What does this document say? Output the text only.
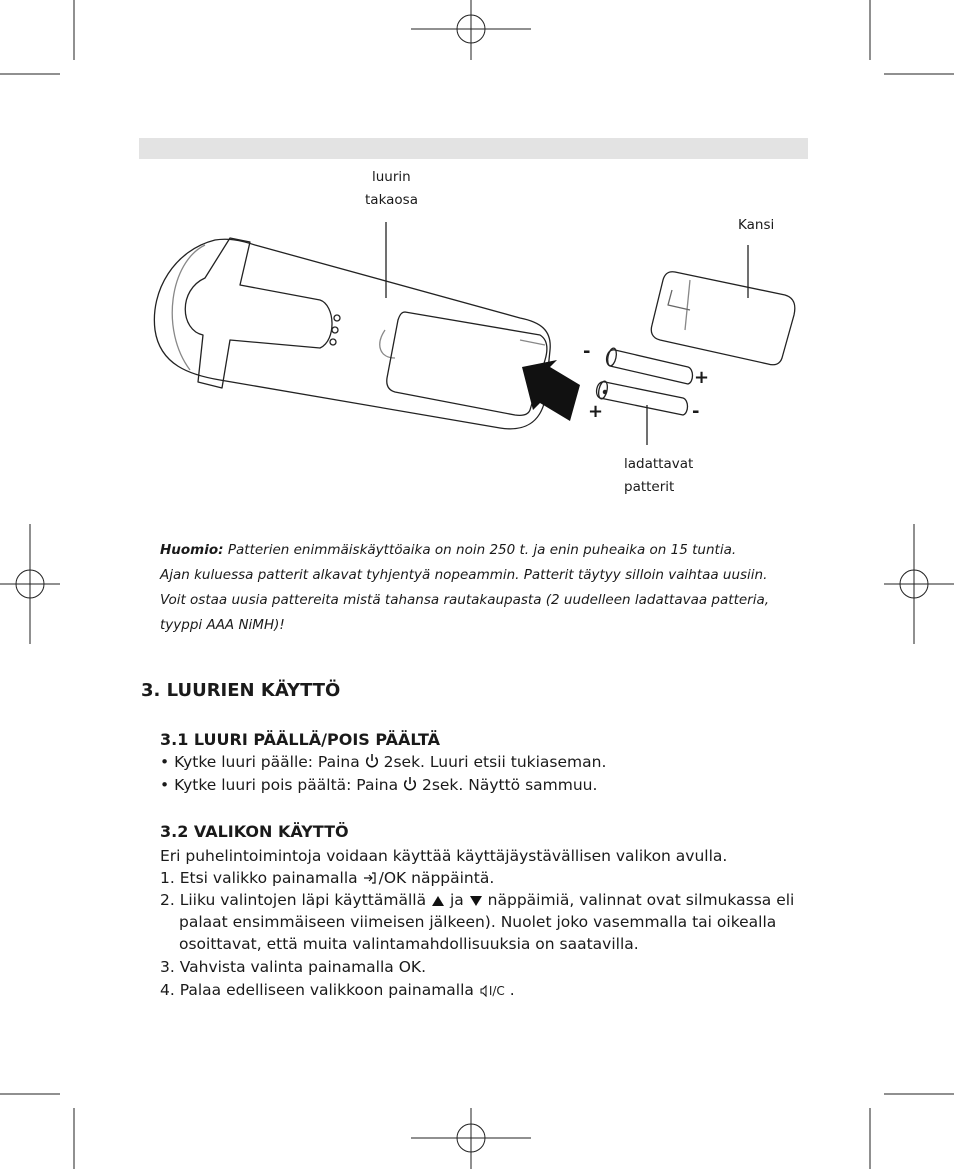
luurin
takaosa
Kansi
ladattavat
patterit
-
+
+	-
Huomio: Patterien enimmäiskäyttöaika on noin 250 t. ja enin puheaika on 15 tuntia.
Ajan kuluessa patterit alkavat tyhjentyä nopeammin. Patterit täytyy silloin vaihtaa uusiin.
Voit ostaa uusia pattereita mistä tahansa rautakaupasta (2 uudelleen ladattavaa patteria,
tyyppi AAA NiMH)!
3. LUURIEN KÄYTTÖ
3.1 LUURI PÄÄLLÄ/POIS PÄÄLTÄ
• Kytke luuri päälle: Paina 2sek. Luuri etsii tukiaseman.
• Kytke luuri pois päältä: Paina 2sek. Näyttö sammuu.
3.2 VALIKON KÄYTTÖ
Eri puhelintoimintoja voidaan käyttää käyttäjäystävällisen valikon avulla.
1. Etsi valikko painamalla /OK näppäintä.
2. Liiku valintojen läpi käyttämällä ja näppäimiä, valinnat ovat silmukassa eli
palaat ensimmäiseen viimeisen jälkeen). Nuolet joko vasemmalla tai oikealla
osoittavat, että muita valintamahdollisuuksia on saatavilla.
3. Vahvista valinta painamalla OK.
4. Palaa edelliseen valikkoon painamalla I/C .
